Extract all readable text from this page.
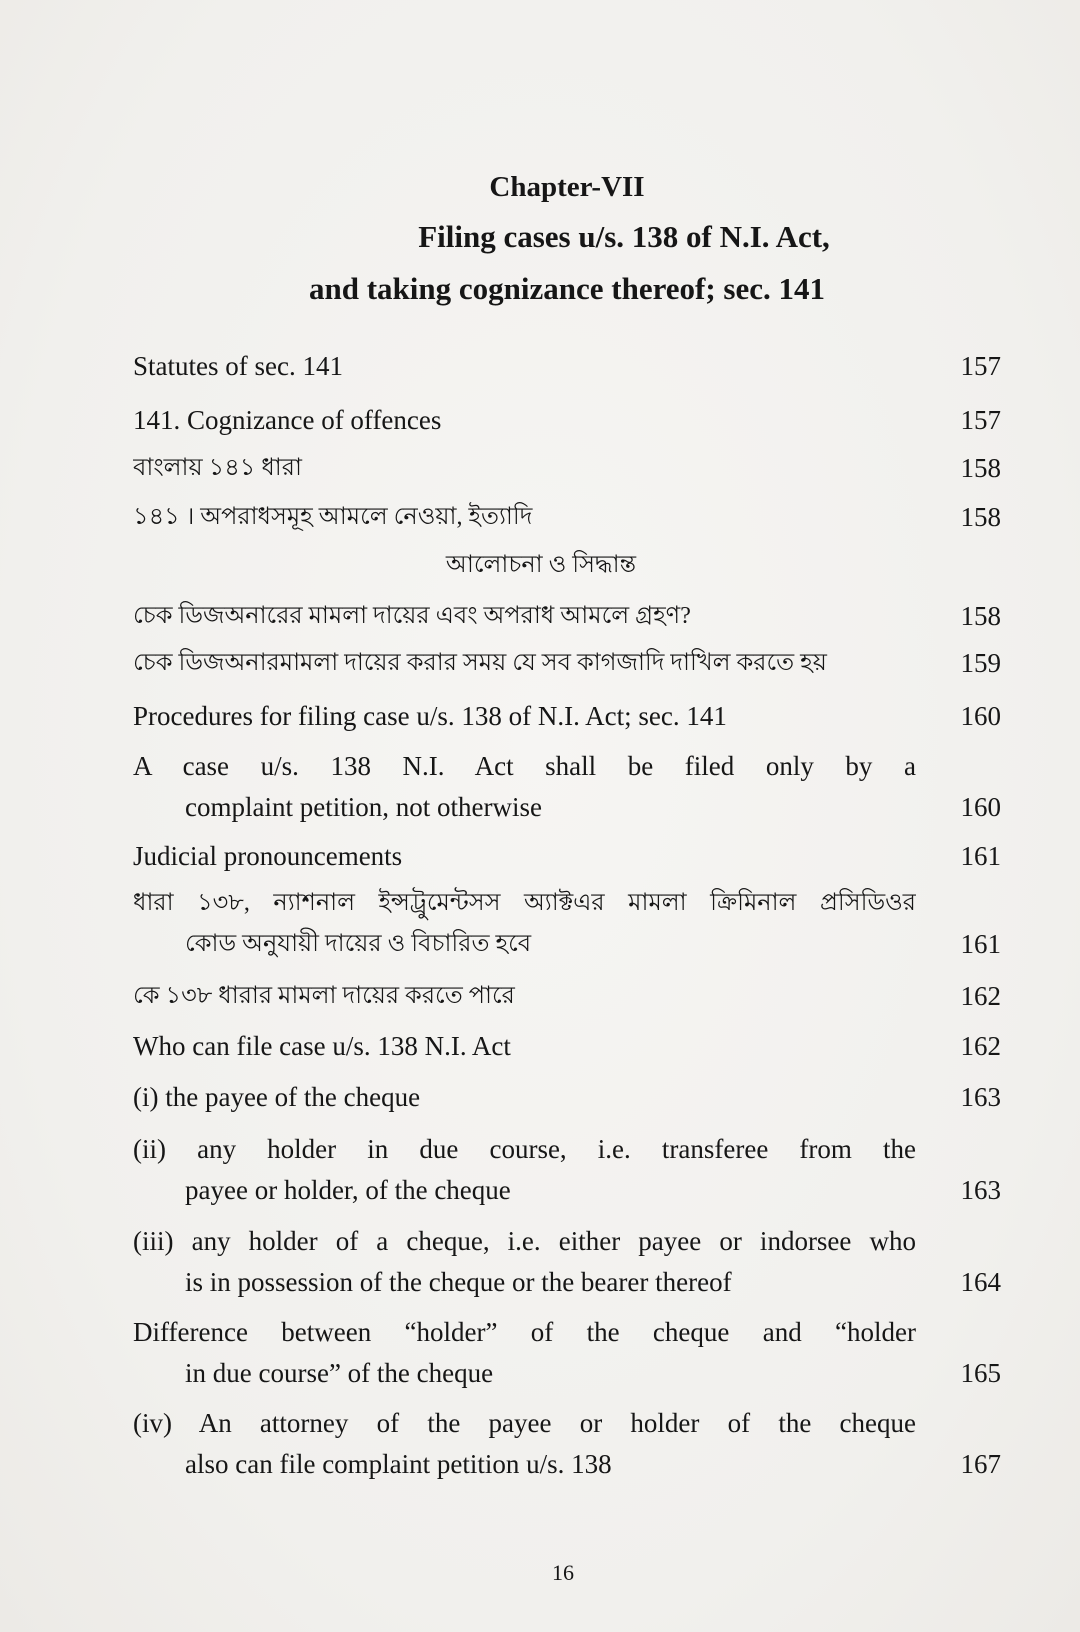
Chapter-VII
Filing cases u/s. 138 of N.I. Act,
and taking cognizance thereof; sec. 141
Statutes of sec. 141	157
141. Cognizance of offences	157
বাংলায় ১৪১ ধারা	158
১৪১ । অপরাধসমূহ আমলে নেওয়া, ইত্যাদি	158
আলোচনা ও সিদ্ধান্ত
চেক ডিজঅনারের মামলা দায়ের এবং অপরাধ আমলে গ্রহণ?	158
চেক ডিজঅনারমামলা দায়ের করার সময় যে সব কাগজাদি দাখিল করতে হয়	159
Procedures for filing case u/s. 138 of N.I. Act; sec. 141	160
A case u/s. 138 N.I. Act shall be filed only by a
complaint petition, not otherwise	160
Judicial pronouncements	161
ধারা ১৩৮, ন্যাশনাল ইন্সট্রুমেন্টসস অ্যাক্টএর মামলা ক্রিমিনাল প্রসিডিওর
কোড অনুযায়ী দায়ের ও বিচারিত হবে	161
কে ১৩৮ ধারার মামলা দায়ের করতে পারে	162
Who can file case u/s. 138 N.I. Act	162
(i) the payee of the cheque	163
(ii) any holder in due course, i.e. transferee from the
payee or holder, of the cheque	163
(iii) any holder of a cheque, i.e. either payee or indorsee who
is in possession of the cheque or the bearer thereof	164
Difference between “holder” of the cheque and “holder
in due course” of the cheque	165
(iv) An attorney of the payee or holder of the cheque
also can file complaint petition u/s. 138	167
16
